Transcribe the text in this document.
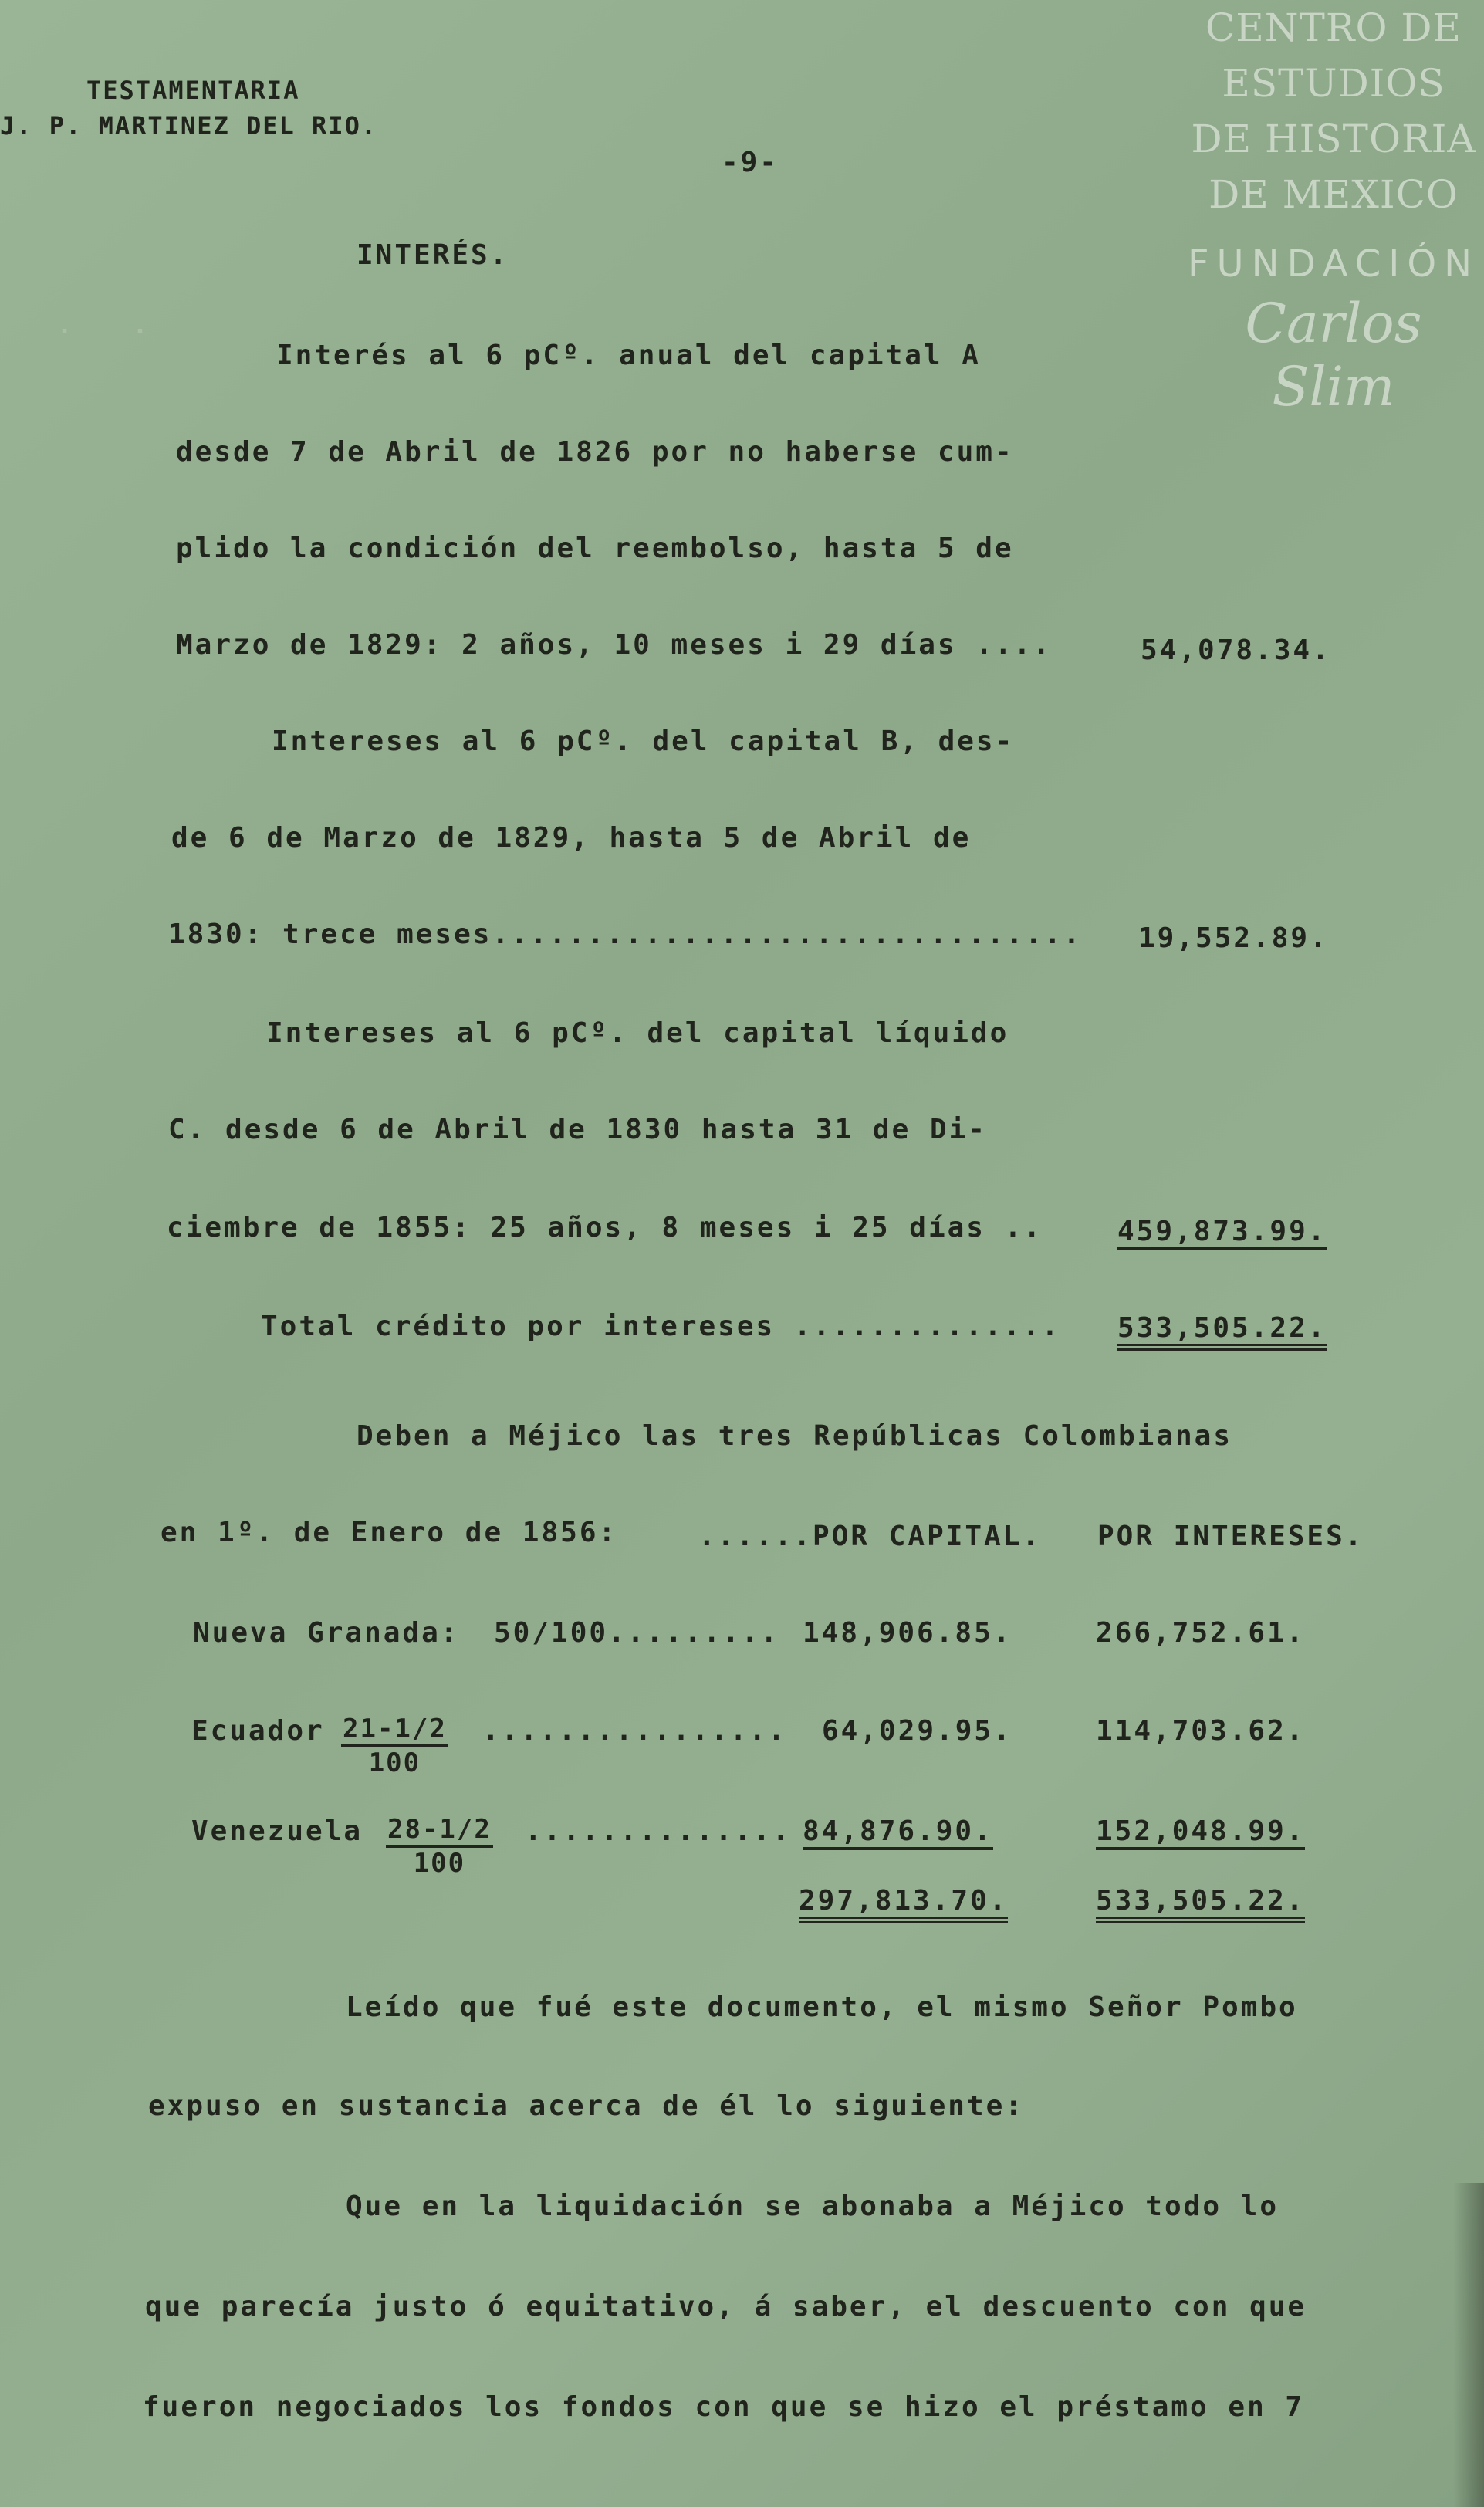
·   ·
CENTRO DE
ESTUDIOS
DE HISTORIA
DE MEXICO
FUNDACIÓN
Carlos Slim
TESTAMENTARIA
J. P. MARTINEZ DEL RIO.
-9-
INTERÉS.
Interés al 6 pCº. anual del capital A
desde 7 de Abril de 1826 por no haberse cum-
plido la condición del reembolso, hasta 5 de
Marzo de 1829: 2 años, 10 meses i 29 días ....	54,078.34.
Intereses al 6 pCº. del capital B, des-
de 6 de Marzo de 1829, hasta 5 de Abril de
1830: trece meses............................... 19,552.89.
Intereses al 6 pCº. del capital líquido
C. desde 6 de Abril de 1830 hasta 31 de Di-
ciembre de 1855: 25 años, 8 meses i 25 días ..	459,873.99.
Total crédito por intereses .............. 533,505.22.
Deben a Méjico las tres Repúblicas Colombianas
en 1º. de Enero de 1856:	......POR CAPITAL. POR INTERESES.
Nueva Granada: 50/100......... 148,906.85.	266,752.61.
Ecuador $\frac{21-1/2}{100}$ ................ 64,029.95.	114,703.62.
Venezuela $\frac{28-1/2}{100}$ .............. 84,876.90.	152,048.99.
297,813.70.	533,505.22.
Leído que fué este documento, el mismo Señor Pombo
expuso en sustancia acerca de él lo siguiente:
Que en la liquidación se abonaba a Méjico todo lo
que parecía justo ó equitativo, á saber, el descuento con que
fueron negociados los fondos con que se hizo el préstamo en 7
